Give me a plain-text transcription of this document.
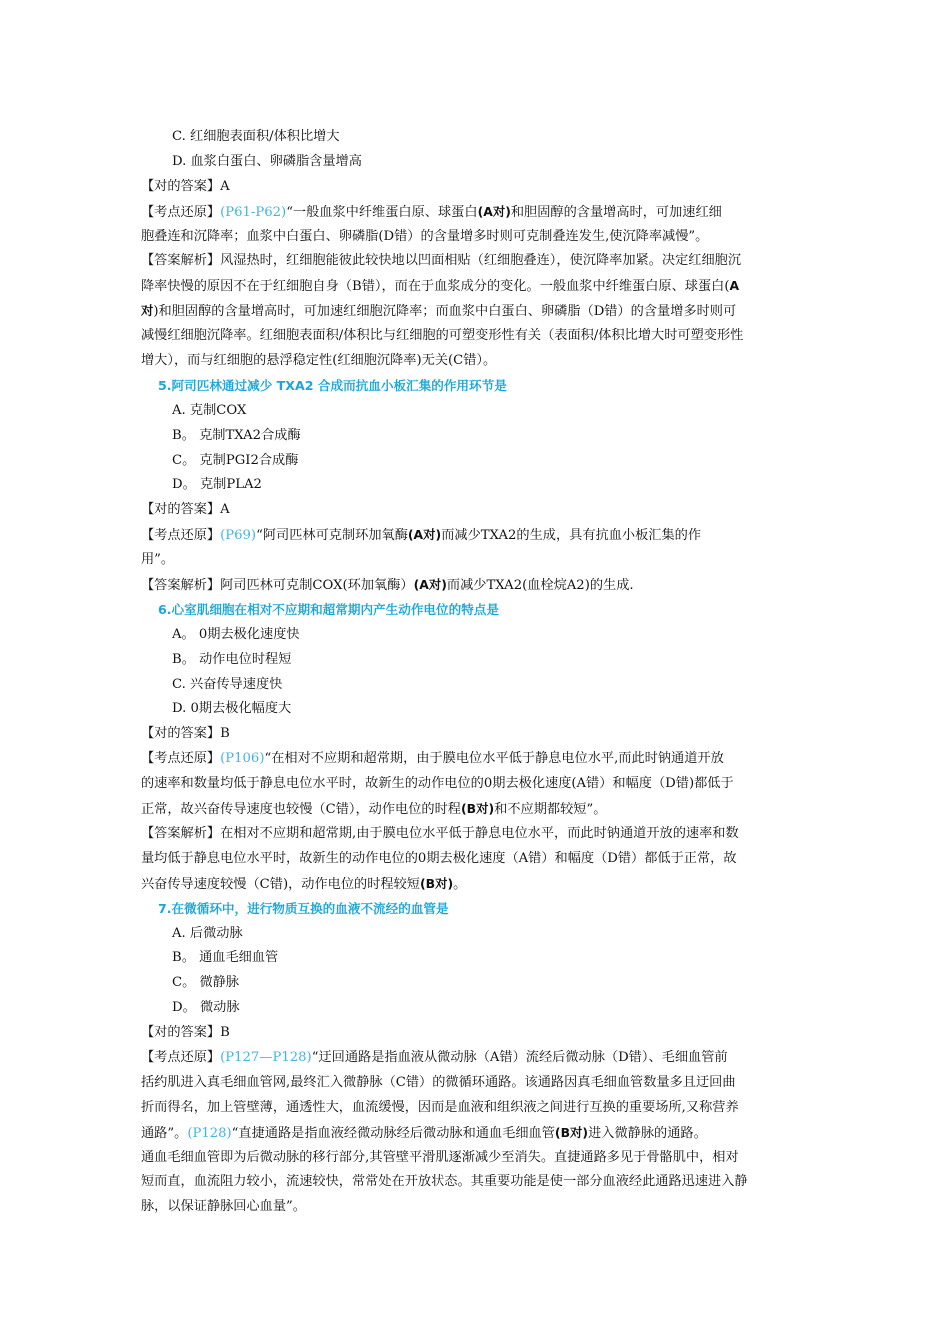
C. 红细胞表面积/体积比增大
D. 血浆白蛋白、卵磷脂含量增高
【对的答案】A
【考点还原】(P61-P62)“一般血浆中纤维蛋白原、球蛋白(A对)和胆固醇的含量增高时，可加速红细
胞叠连和沉降率；血浆中白蛋白、卵磷脂(D错）的含量增多时则可克制叠连发生,使沉降率减慢”。
【答案解析】风湿热时，红细胞能彼此较快地以凹面相贴（红细胞叠连），使沉降率加紧。决定红细胞沉
降率快慢的原因不在于红细胞自身（B错），而在于血浆成分的变化。一般血浆中纤维蛋白原、球蛋白(A
对)和胆固醇的含量增高时，可加速红细胞沉降率；而血浆中白蛋白、卵磷脂（D错）的含量增多时则可
减慢红细胞沉降率。红细胞表面积/体积比与红细胞的可塑变形性有关（表面积/体积比增大时可塑变形性
增大），而与红细胞的悬浮稳定性(红细胞沉降率)无关(C错）。
5.阿司匹林通过减少 TXA2 合成而抗血小板汇集的作用环节是
A. 克制COX
B。 克制TXA2合成酶
C。 克制PGI2合成酶
D。 克制PLA2
【对的答案】A
【考点还原】(P69)“阿司匹林可克制环加氧酶(A对)而减少TXA2的生成，具有抗血小板汇集的作
用”。
【答案解析】阿司匹林可克制COX(环加氧酶）(A对)而减少TXA2(血栓烷A2)的生成.
6.心室肌细胞在相对不应期和超常期内产生动作电位的特点是
A。 0期去极化速度快
B。 动作电位时程短
C. 兴奋传导速度快
D. 0期去极化幅度大
【对的答案】B
【考点还原】(P106)“在相对不应期和超常期，由于膜电位水平低于静息电位水平,而此时钠通道开放
的速率和数量均低于静息电位水平时，故新生的动作电位的0期去极化速度(A错）和幅度（D错)都低于
正常，故兴奋传导速度也较慢（C错），动作电位的时程(B对)和不应期都较短”。
【答案解析】在相对不应期和超常期,由于膜电位水平低于静息电位水平，而此时钠通道开放的速率和数
量均低于静息电位水平时，故新生的动作电位的0期去极化速度（A错）和幅度（D错）都低于正常，故
兴奋传导速度较慢（C错)，动作电位的时程较短(B对)。
7.在微循环中，进行物质互换的血液不流经的血管是
A. 后微动脉
B。 通血毛细血管
C。 微静脉
D。 微动脉
【对的答案】B
【考点还原】(P127—P128)“迂回通路是指血液从微动脉（A错）流经后微动脉（D错）、毛细血管前
括约肌进入真毛细血管网,最终汇入微静脉（C错）的微循环通路。该通路因真毛细血管数量多且迂回曲
折而得名，加上管壁薄，通透性大，血流缓慢，因而是血液和组织液之间进行互换的重要场所,又称营养
通路”。(P128)“直捷通路是指血液经微动脉经后微动脉和通血毛细血管(B对)进入微静脉的通路。
通血毛细血管即为后微动脉的移行部分,其管壁平滑肌逐渐减少至消失。直捷通路多见于骨骼肌中，相对
短而直，血流阻力较小，流速较快，常常处在开放状态。其重要功能是使一部分血液经此通路迅速进入静
脉，以保证静脉回心血量”。
